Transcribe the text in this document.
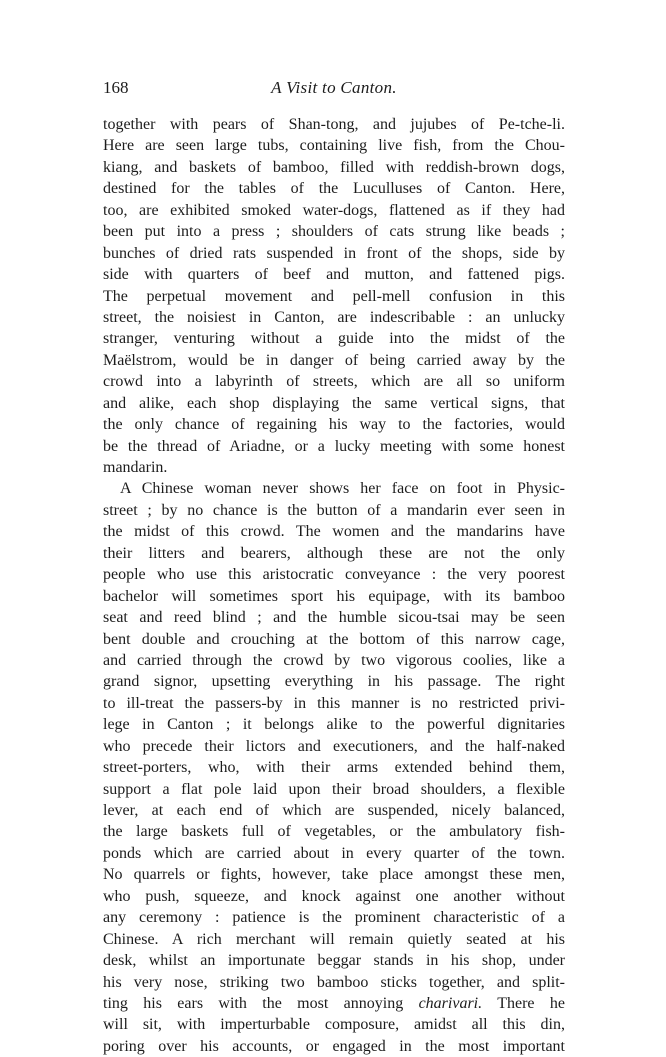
168	A Visit to Canton.
together with pears of Shan-tong, and jujubes of Pe-tche-li.
Here are seen large tubs, containing live fish, from the Chou-
kiang, and baskets of bamboo, filled with reddish-brown dogs,
destined for the tables of the Luculluses of Canton. Here,
too, are exhibited smoked water-dogs, flattened as if they had
been put into a press ; shoulders of cats strung like beads ;
bunches of dried rats suspended in front of the shops, side by
side with quarters of beef and mutton, and fattened pigs.
The perpetual movement and pell-mell confusion in this
street, the noisiest in Canton, are indescribable : an unlucky
stranger, venturing without a guide into the midst of the
Maëlstrom, would be in danger of being carried away by the
crowd into a labyrinth of streets, which are all so uniform
and alike, each shop displaying the same vertical signs, that
the only chance of regaining his way to the factories, would
be the thread of Ariadne, or a lucky meeting with some honest
mandarin.
A Chinese woman never shows her face on foot in Physic-
street ; by no chance is the button of a mandarin ever seen in
the midst of this crowd. The women and the mandarins have
their litters and bearers, although these are not the only
people who use this aristocratic conveyance : the very poorest
bachelor will sometimes sport his equipage, with its bamboo
seat and reed blind ; and the humble sicou-tsai may be seen
bent double and crouching at the bottom of this narrow cage,
and carried through the crowd by two vigorous coolies, like a
grand signor, upsetting everything in his passage. The right
to ill-treat the passers-by in this manner is no restricted privi-
lege in Canton ; it belongs alike to the powerful dignitaries
who precede their lictors and executioners, and the half-naked
street-porters, who, with their arms extended behind them,
support a flat pole laid upon their broad shoulders, a flexible
lever, at each end of which are suspended, nicely balanced,
the large baskets full of vegetables, or the ambulatory fish-
ponds which are carried about in every quarter of the town.
No quarrels or fights, however, take place amongst these men,
who push, squeeze, and knock against one another without
any ceremony : patience is the prominent characteristic of a
Chinese. A rich merchant will remain quietly seated at his
desk, whilst an importunate beggar stands in his shop, under
his very nose, striking two bamboo sticks together, and split-
ting his ears with the most annoying charivari. There he
will sit, with imperturbable composure, amidst all this din,
poring over his accounts, or engaged in the most important
